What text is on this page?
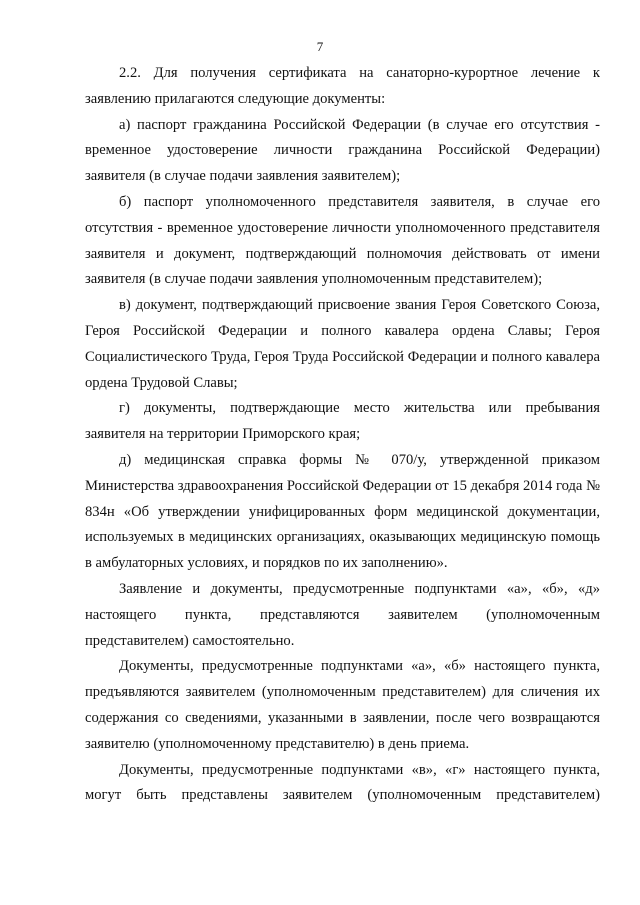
7

2.2. Для получения сертификата на санаторно-курортное лечение к заявлению прилагаются следующие документы:

а) паспорт гражданина Российской Федерации (в случае его отсутствия - временное удостоверение личности гражданина Российской Федерации) заявителя (в случае подачи заявления заявителем);

б) паспорт уполномоченного представителя заявителя, в случае его отсутствия - временное удостоверение личности уполномоченного представителя заявителя и документ, подтверждающий полномочия действовать от имени заявителя (в случае подачи заявления уполномоченным представителем);

в) документ, подтверждающий присвоение звания Героя Советского Союза, Героя Российской Федерации и полного кавалера ордена Славы; Героя Социалистического Труда, Героя Труда Российской Федерации и полного кавалера ордена Трудовой Славы;

г) документы, подтверждающие место жительства или пребывания заявителя на территории Приморского края;

д) медицинская справка формы № 070/у, утвержденной приказом Министерства здравоохранения Российской Федерации от 15 декабря 2014 года № 834н «Об утверждении унифицированных форм медицинской документации, используемых в медицинских организациях, оказывающих медицинскую помощь в амбулаторных условиях, и порядков по их заполнению».

Заявление и документы, предусмотренные подпунктами «а», «б», «д» настоящего пункта, представляются заявителем (уполномоченным представителем) самостоятельно.

Документы, предусмотренные подпунктами «а», «б» настоящего пункта, предъявляются заявителем (уполномоченным представителем) для сличения их содержания со сведениями, указанными в заявлении, после чего возвращаются заявителю (уполномоченному представителю) в день приема.

Документы, предусмотренные подпунктами «в», «г» настоящего пункта, могут быть представлены заявителем (уполномоченным представителем)
